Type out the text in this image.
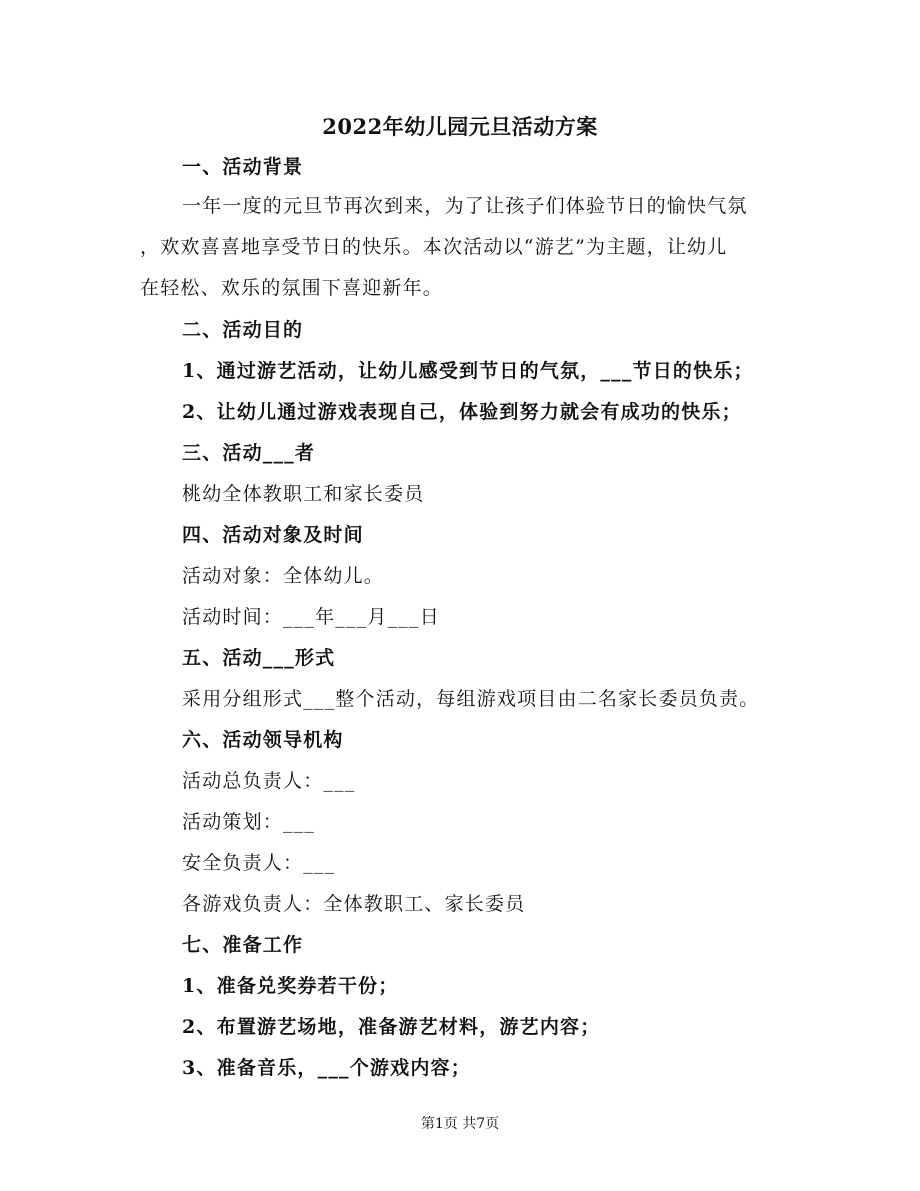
2022年幼儿园元旦活动方案
一、活动背景
一年一度的元旦节再次到来，为了让孩子们体验节日的愉快气氛
，欢欢喜喜地享受节日的快乐。本次活动以“游艺”为主题，让幼儿
在轻松、欢乐的氛围下喜迎新年。
二、活动目的
1、通过游艺活动，让幼儿感受到节日的气氛，___节日的快乐；
2、让幼儿通过游戏表现自己，体验到努力就会有成功的快乐；
三、活动___者
桃幼全体教职工和家长委员
四、活动对象及时间
活动对象：全体幼儿。
活动时间：___年___月___日
五、活动___形式
采用分组形式___整个活动，每组游戏项目由二名家长委员负责。
六、活动领导机构
活动总负责人：___
活动策划：___
安全负责人：___
各游戏负责人：全体教职工、家长委员
七、准备工作
1、准备兑奖券若干份；
2、布置游艺场地，准备游艺材料，游艺内容；
3、准备音乐，___个游戏内容；
第1页 共7页
